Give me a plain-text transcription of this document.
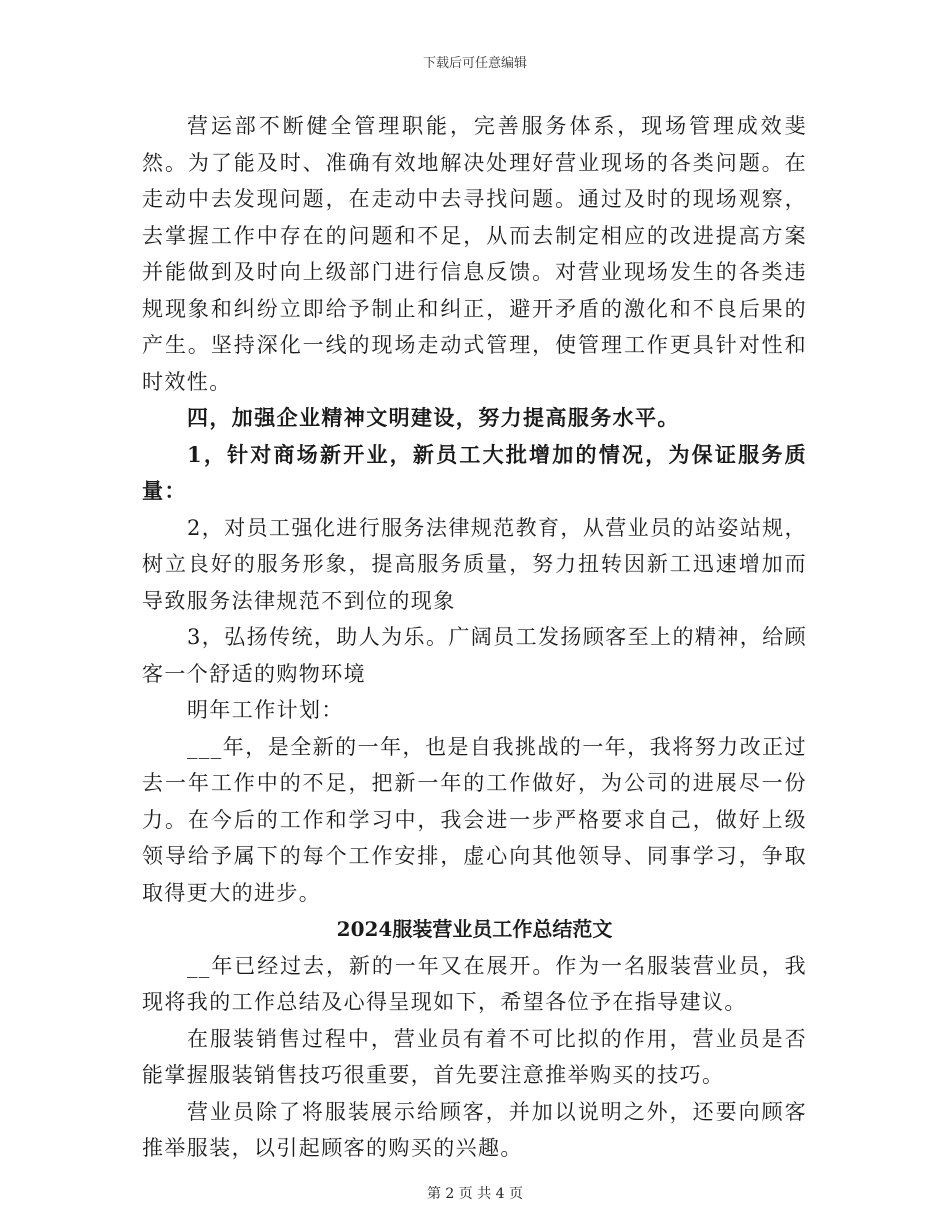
下载后可任意编辑

营运部不断健全管理职能，完善服务体系，现场管理成效斐然。为了能及时、准确有效地解决处理好营业现场的各类问题。在走动中去发现问题，在走动中去寻找问题。通过及时的现场观察，去掌握工作中存在的问题和不足，从而去制定相应的改进提高方案并能做到及时向上级部门进行信息反馈。对营业现场发生的各类违规现象和纠纷立即给予制止和纠正，避开矛盾的激化和不良后果的产生。坚持深化一线的现场走动式管理，使管理工作更具针对性和时效性。

四，加强企业精神文明建设，努力提高服务水平。

1，针对商场新开业，新员工大批增加的情况，为保证服务质量：

2，对员工强化进行服务法律规范教育，从营业员的站姿站规，树立良好的服务形象，提高服务质量，努力扭转因新工迅速增加而导致服务法律规范不到位的现象

3，弘扬传统，助人为乐。广阔员工发扬顾客至上的精神，给顾客一个舒适的购物环境

明年工作计划：

___年，是全新的一年，也是自我挑战的一年，我将努力改正过去一年工作中的不足，把新一年的工作做好，为公司的进展尽一份力。在今后的工作和学习中，我会进一步严格要求自己，做好上级领导给予属下的每个工作安排，虚心向其他领导、同事学习，争取取得更大的进步。

2024服装营业员工作总结范文

__年已经过去，新的一年又在展开。作为一名服装营业员，我现将我的工作总结及心得呈现如下，希望各位予在指导建议。

在服装销售过程中，营业员有着不可比拟的作用，营业员是否能掌握服装销售技巧很重要，首先要注意推举购买的技巧。

营业员除了将服装展示给顾客，并加以说明之外，还要向顾客推举服装，以引起顾客的购买的兴趣。

第 2 页 共 4 页
